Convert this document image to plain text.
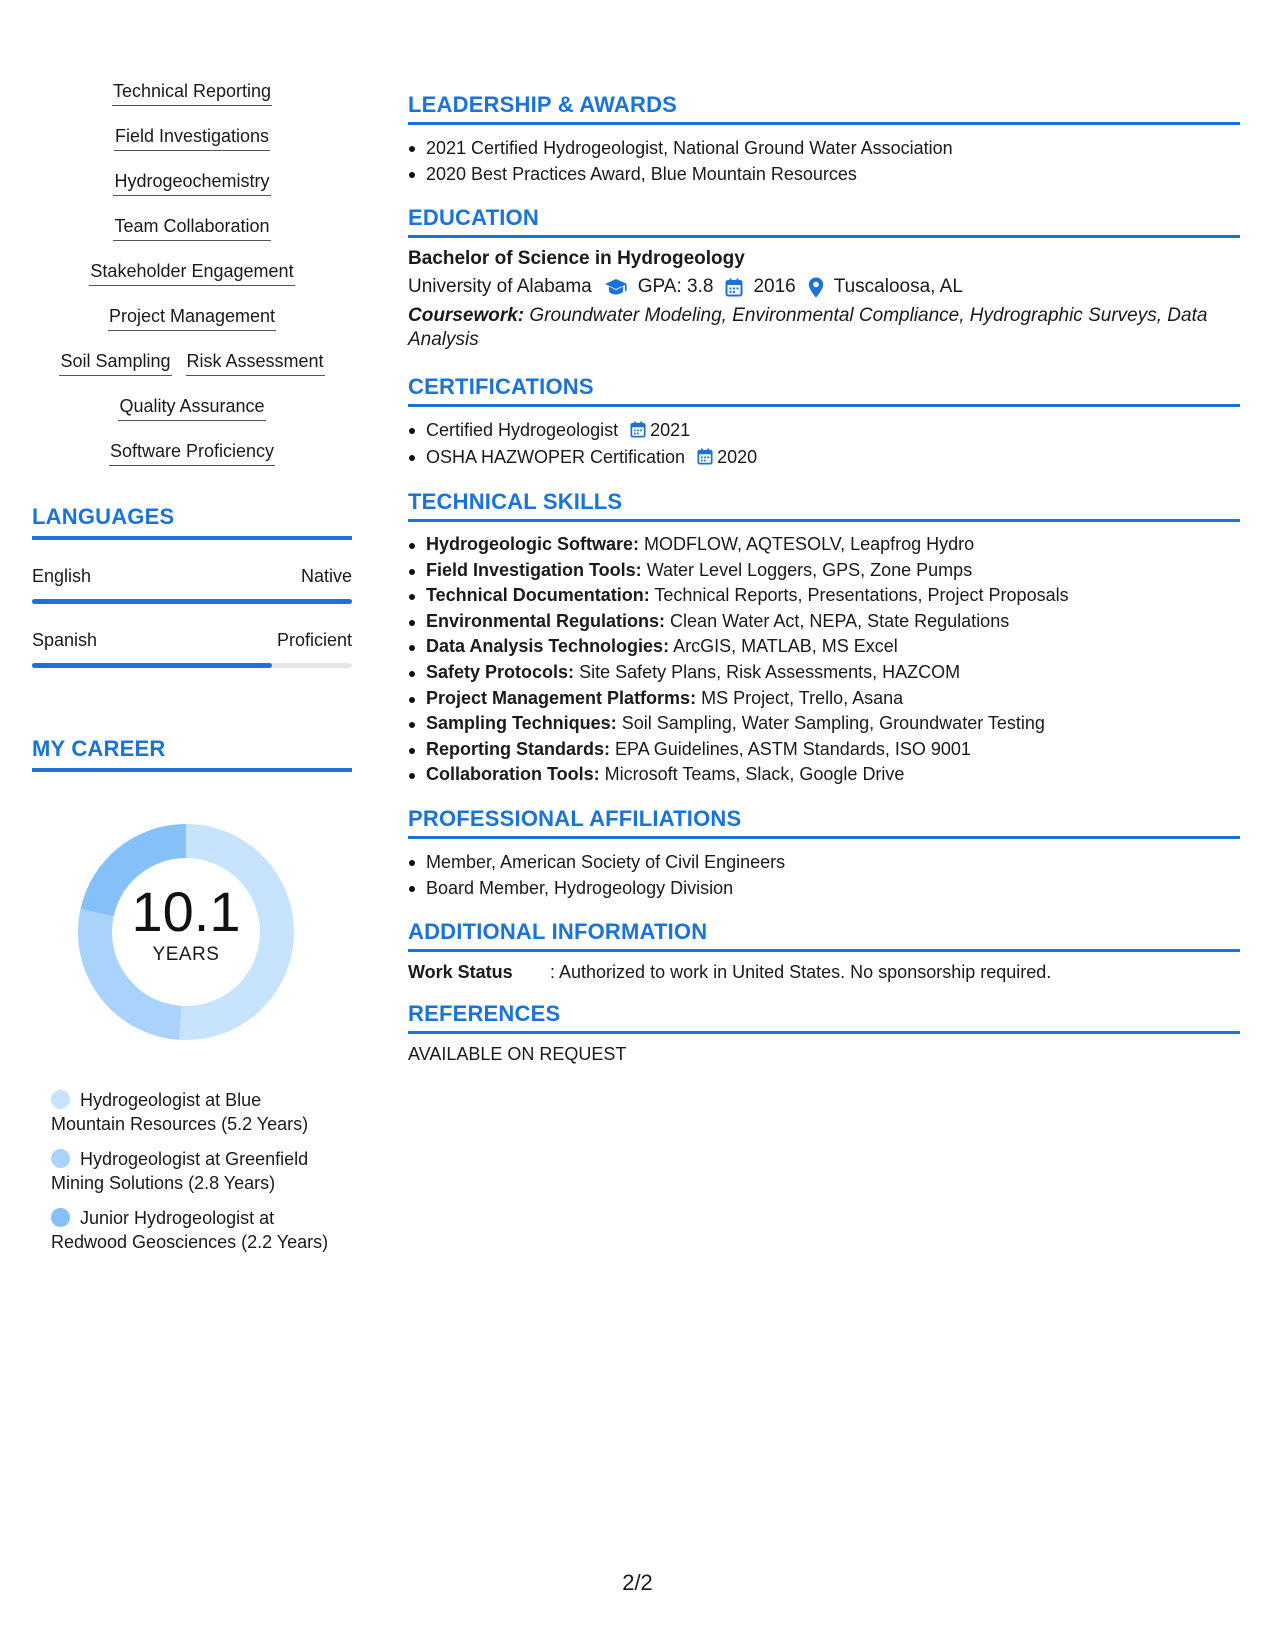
Technical Reporting
Field Investigations
Hydrogeochemistry
Team Collaboration
Stakeholder Engagement
Project Management
Soil Sampling Risk Assessment
Quality Assurance
Software Proficiency
LANGUAGES
English	Native
Spanish	Proficient
MY CAREER
10.1
YEARS
Hydrogeologist at Blue Mountain Resources (5.2 Years)
Hydrogeologist at Greenfield Mining Solutions (2.8 Years)
Junior Hydrogeologist at Redwood Geosciences (2.2 Years)
LEADERSHIP & AWARDS
2021 Certified Hydrogeologist, National Ground Water Association
2020 Best Practices Award, Blue Mountain Resources
EDUCATION
Bachelor of Science in Hydrogeology
University of Alabama GPA: 3.8 2016 Tuscaloosa, AL
Coursework: Groundwater Modeling, Environmental Compliance, Hydrographic Surveys, Data Analysis
CERTIFICATIONS
Certified Hydrogeologist 2021
OSHA HAZWOPER Certification 2020
TECHNICAL SKILLS
Hydrogeologic Software: MODFLOW, AQTESOLV, Leapfrog Hydro
Field Investigation Tools: Water Level Loggers, GPS, Zone Pumps
Technical Documentation: Technical Reports, Presentations, Project Proposals
Environmental Regulations: Clean Water Act, NEPA, State Regulations
Data Analysis Technologies: ArcGIS, MATLAB, MS Excel
Safety Protocols: Site Safety Plans, Risk Assessments, HAZCOM
Project Management Platforms: MS Project, Trello, Asana
Sampling Techniques: Soil Sampling, Water Sampling, Groundwater Testing
Reporting Standards: EPA Guidelines, ASTM Standards, ISO 9001
Collaboration Tools: Microsoft Teams, Slack, Google Drive
PROFESSIONAL AFFILIATIONS
Member, American Society of Civil Engineers
Board Member, Hydrogeology Division
ADDITIONAL INFORMATION
Work Status	: Authorized to work in United States. No sponsorship required.
REFERENCES
AVAILABLE ON REQUEST
2/2
